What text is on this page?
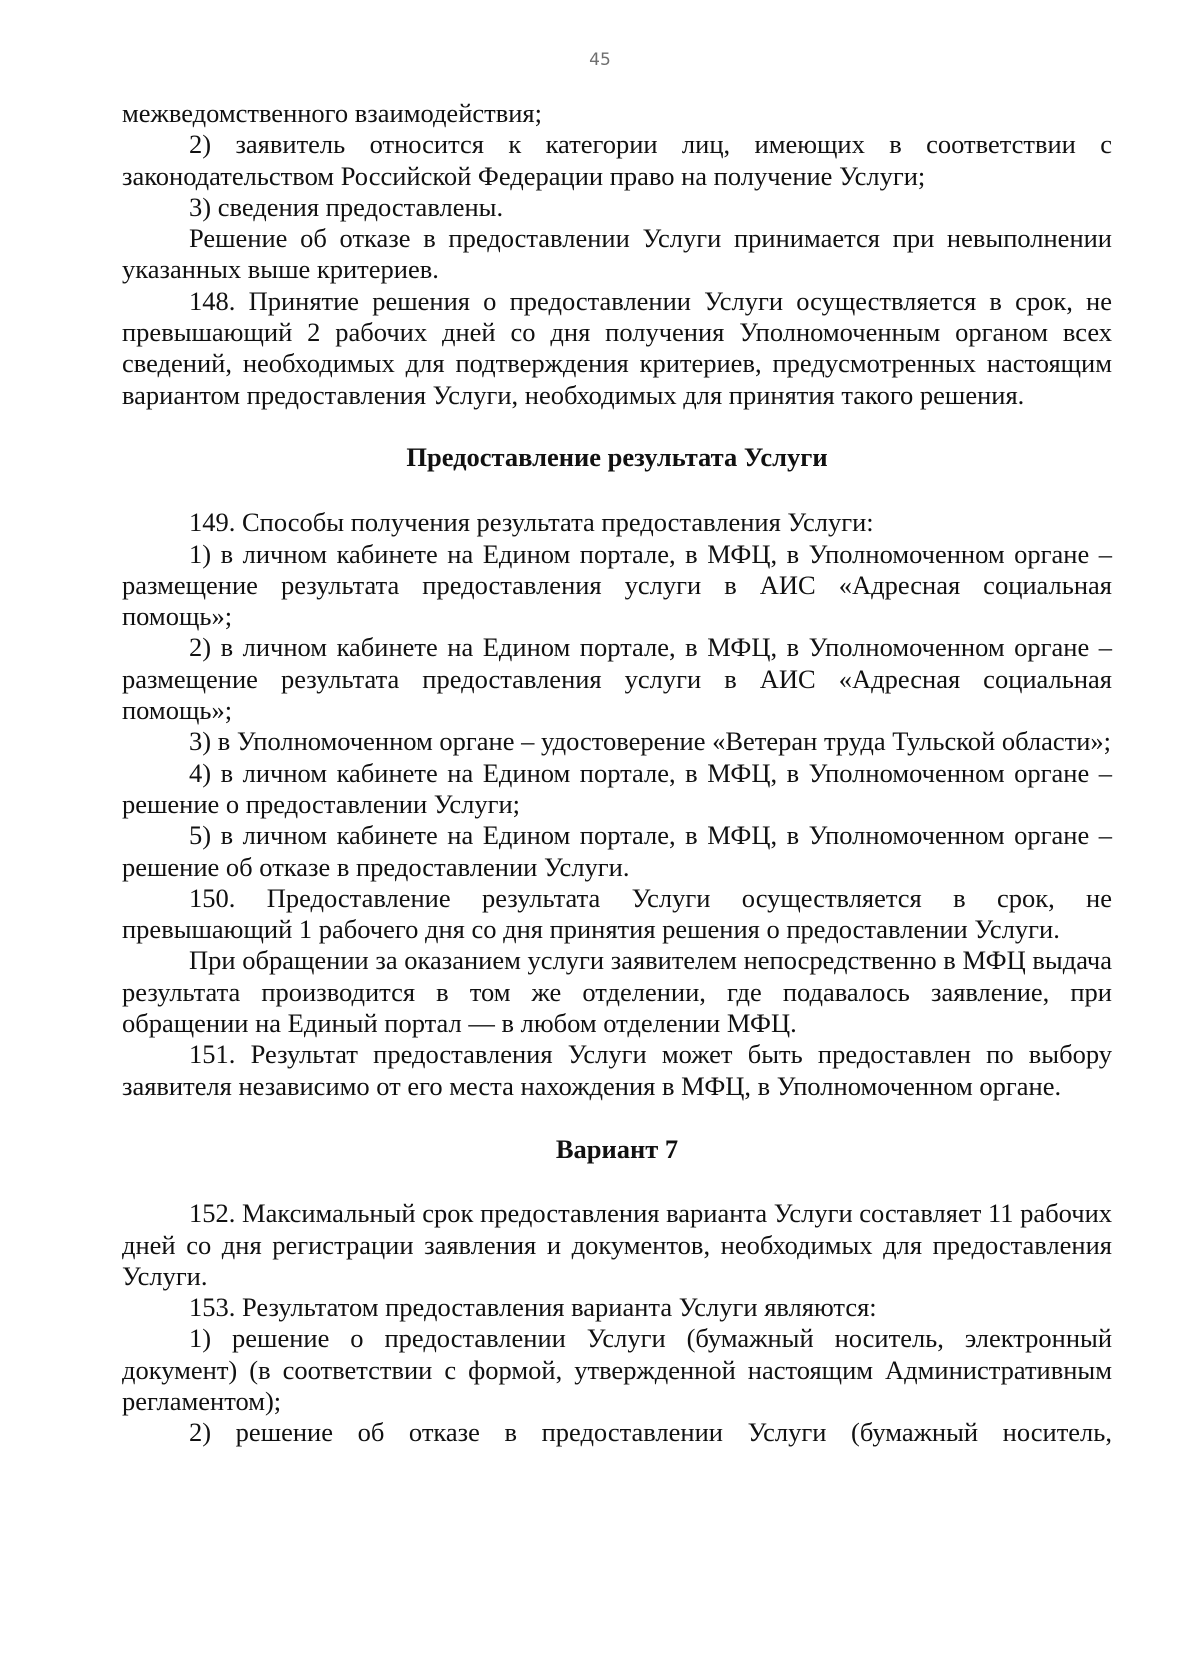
45

межведомственного взаимодействия;

2) заявитель относится к категории лиц, имеющих в соответствии с законодательством Российской Федерации право на получение Услуги;

3) сведения предоставлены.

Решение об отказе в предоставлении Услуги принимается при невыполнении указанных выше критериев.

148. Принятие решения о предоставлении Услуги осуществляется в срок, не превышающий 2 рабочих дней со дня получения Уполномоченным органом всех сведений, необходимых для подтверждения критериев, предусмотренных настоящим вариантом предоставления Услуги, необходимых для принятия такого решения.

Предоставление результата Услуги

149. Способы получения результата предоставления Услуги:

1) в личном кабинете на Едином портале, в МФЦ, в Уполномоченном органе – размещение результата предоставления услуги в АИС «Адресная социальная помощь»;

2) в личном кабинете на Едином портале, в МФЦ, в Уполномоченном органе – размещение результата предоставления услуги в АИС «Адресная социальная помощь»;

3) в Уполномоченном органе – удостоверение «Ветеран труда Тульской области»;

4) в личном кабинете на Едином портале, в МФЦ, в Уполномоченном органе – решение о предоставлении Услуги;

5) в личном кабинете на Едином портале, в МФЦ, в Уполномоченном органе – решение об отказе в предоставлении Услуги.

150. Предоставление результата Услуги осуществляется в срок, не превышающий 1 рабочего дня со дня принятия решения о предоставлении Услуги.

При обращении за оказанием услуги заявителем непосредственно в МФЦ выдача результата производится в том же отделении, где подавалось заявление, при обращении на Единый портал — в любом отделении МФЦ.

151. Результат предоставления Услуги может быть предоставлен по выбору заявителя независимо от его места нахождения в МФЦ, в Уполномоченном органе.

Вариант 7

152. Максимальный срок предоставления варианта Услуги составляет 11 рабочих дней со дня регистрации заявления и документов, необходимых для предоставления Услуги.

153. Результатом предоставления варианта Услуги являются:

1) решение о предоставлении Услуги (бумажный носитель, электронный документ) (в соответствии с формой, утвержденной настоящим Административным регламентом);

2) решение об отказе в предоставлении Услуги (бумажный носитель,
